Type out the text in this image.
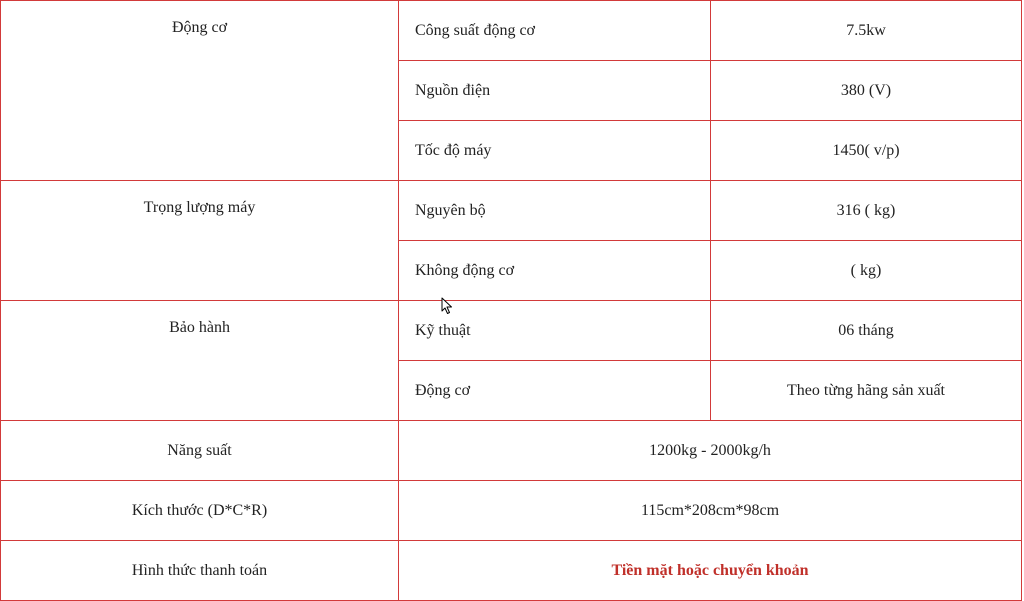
Động cơ	Công suất động cơ	7.5kw
	Nguồn điện	380 (V)
	Tốc độ máy	1450( v/p)
Trọng lượng máy	Nguyên bộ	316 ( kg)
	Không động cơ	( kg)
Bảo hành	Kỹ thuật	06 tháng
	Động cơ	Theo từng hãng sản xuất
Năng suất	1200kg - 2000kg/h	
Kích thước (D*C*R)	115cm*208cm*98cm	
Hình thức thanh toán	Tiền mặt hoặc chuyển khoản	
